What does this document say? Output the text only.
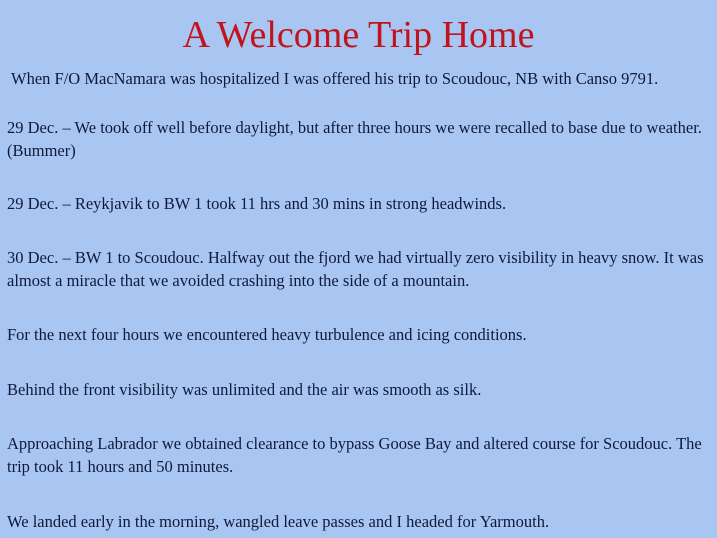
A Welcome Trip Home
When F/O MacNamara was hospitalized I was offered his trip to Scoudouc, NB with Canso 9791.
29 Dec. – We took off well before daylight, but after three hours we were recalled to base due to weather. (Bummer)
29 Dec. – Reykjavik to BW 1 took 11 hrs and 30 mins in strong headwinds.
30 Dec. – BW 1 to Scoudouc. Halfway out the fjord we had virtually zero visibility in heavy snow. It was almost a miracle that we avoided crashing into the side of a mountain.
For the next four hours we encountered heavy turbulence and icing conditions.
Behind the front visibility was unlimited and the air was smooth as silk.
Approaching Labrador we obtained clearance to bypass Goose Bay and altered course for Scoudouc. The trip took 11 hours and 50 minutes.
We landed early in the morning, wangled leave passes and I headed for Yarmouth.
